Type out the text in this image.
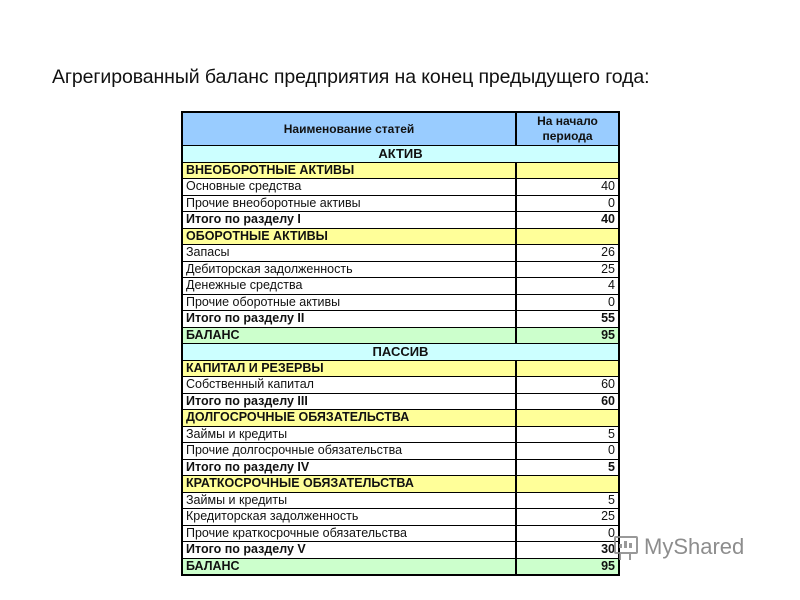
Агрегированный баланс предприятия на конец предыдущего года:
Наименование статей	На начало
периода
АКТИВ	
ВНЕОБОРОТНЫЕ АКТИВЫ	
Основные средства	40
Прочие внеоборотные активы	0
Итого по разделу I	40
ОБОРОТНЫЕ АКТИВЫ	
Запасы	26
Дебиторская задолженность	25
Денежные средства	4
Прочие оборотные активы	0
Итого по разделу II	55
БАЛАНС	95
ПАССИВ	
КАПИТАЛ И РЕЗЕРВЫ	
Собственный капитал	60
Итого по разделу III	60
ДОЛГОСРОЧНЫЕ ОБЯЗАТЕЛЬСТВА	
Займы и кредиты	5
Прочие долгосрочные обязательства	0
Итого по разделу IV	5
КРАТКОСРОЧНЫЕ ОБЯЗАТЕЛЬСТВА	
Займы и кредиты	5
Кредиторская задолженность	25
Прочие краткосрочные обязательства	0
Итого по разделу V	30
БАЛАНС	95
MyShared
